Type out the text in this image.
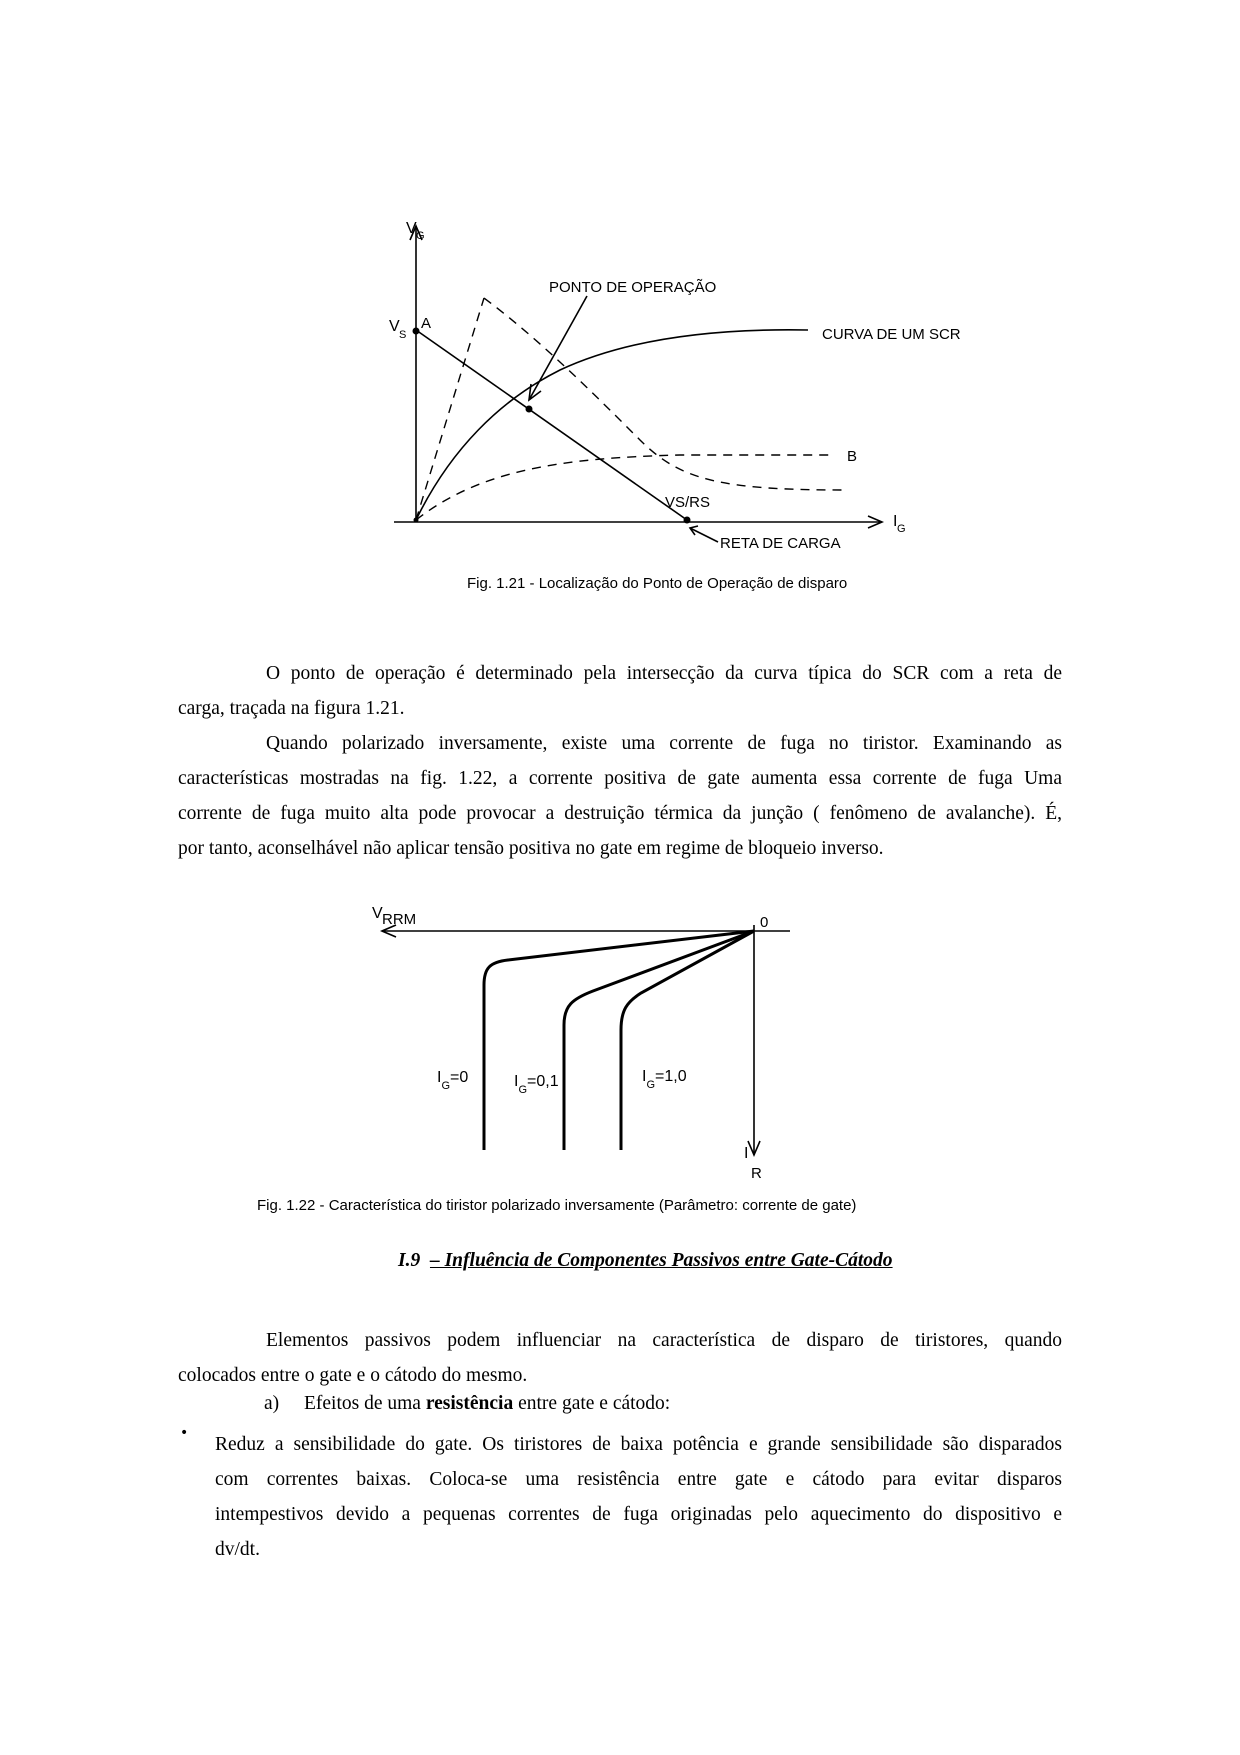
V G
V S
A
PONTO DE OPERAÇÃO
CURVA DE UM SCR
B
VS/RS
RETA DE CARGA
I G
Fig. 1.21 - Localização do Ponto de Operação de disparo

O ponto de operação é determinado pela intersecção da curva típica do SCR com a reta de

carga, traçada na figura 1.21.

Quando polarizado inversamente, existe uma corrente de fuga no tiristor. Examinando as

características mostradas na fig. 1.22, a corrente positiva de gate aumenta essa corrente de fuga Uma

corrente de fuga muito alta pode provocar a destruição térmica da junção ( fenômeno de avalanche). É,

por tanto, aconselhável não aplicar tensão positiva no gate em regime de bloqueio inverso.

V RRM	0
I
R
$I_G=0$	$I_G=0,1$	$I_G=1,0$
Fig. 1.22 - Característica do tiristor polarizado inversamente (Parâmetro: corrente de gate)
I.9 – Influência de Componentes Passivos entre Gate-Cátodo

Elementos passivos podem influenciar na característica de disparo de tiristores, quando

colocados entre o gate e o cátodo do mesmo.

a) Efeitos de uma resistência entre gate e cátodo:
•

Reduz a sensibilidade do gate. Os tiristores de baixa potência e grande sensibilidade são disparados

com correntes baixas. Coloca-se uma resistência entre gate e cátodo para evitar disparos

intempestivos devido a pequenas correntes de fuga originadas pelo aquecimento do dispositivo e

dv/dt.
